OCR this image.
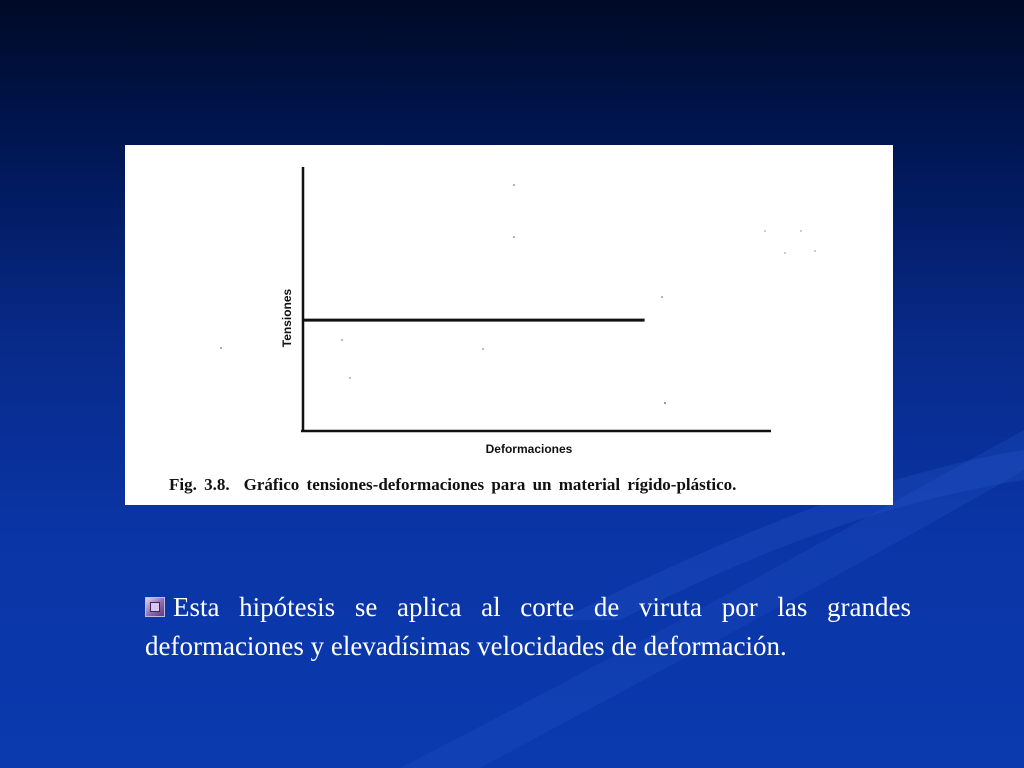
Tensiones
Deformaciones
Fig. 3.8. Gráfico tensiones-deformaciones para un material rígido-plástico.
Esta hipótesis se aplica al corte de viruta por las grandes deformaciones y elevadísimas velocidades de deformación.
